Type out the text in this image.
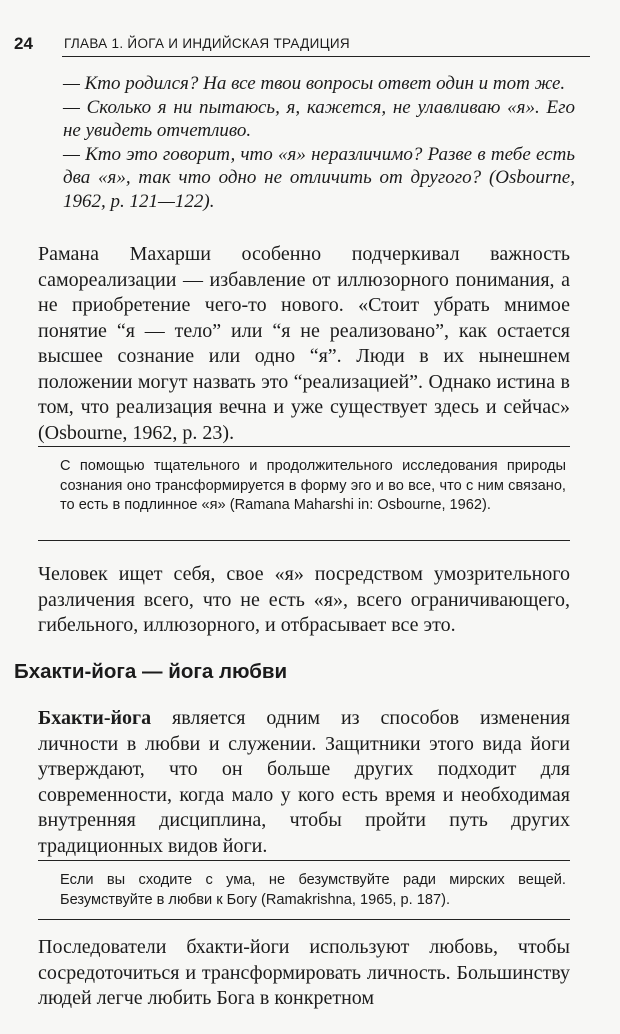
24 ГЛАВА 1. ЙОГА И ИНДИЙСКАЯ ТРАДИЦИЯ

— Кто родился? На все твои вопросы ответ один и тот же.

— Сколько я ни пытаюсь, я, кажется, не улавливаю «я». Его не увидеть отчетливо.

— Кто это говорит, что «я» неразличимо? Разве в тебе есть два «я», так что одно не отличить от другого? (Osbourne, 1962, p. 121—122).

Рамана Махарши особенно подчеркивал важность самореализации — избавление от иллюзорного понимания, а не приобретение чего-то нового. «Стоит убрать мнимое понятие “я — тело” или “я не реализовано”, как остается высшее сознание или одно “я”. Люди в их нынешнем положении могут назвать это “реализацией”. Однако истина в том, что реализация вечна и уже существует здесь и сейчас» (Osbourne, 1962, p. 23).

С помощью тщательного и продолжительного исследования природы сознания оно трансформируется в форму эго и во все, что с ним связано, то есть в подлинное «я» (Ramana Maharshi in: Osbourne, 1962).

Человек ищет себя, свое «я» посредством умозрительного различения всего, что не есть «я», всего ограничивающего, гибельного, иллюзорного, и отбрасывает все это.

Бхакти-йога — йога любви

Бхакти-йога является одним из способов изменения личности в любви и служении. Защитники этого вида йоги утверждают, что он больше других подходит для современности, когда мало у кого есть время и необходимая внутренняя дисциплина, чтобы пройти путь других традиционных видов йоги.

Если вы сходите с ума, не безумствуйте ради мирских вещей. Безумствуйте в любви к Богу (Ramakrishna, 1965, p. 187).

Последователи бхакти-йоги используют любовь, чтобы сосредоточиться и трансформировать личность. Большинству людей легче любить Бога в конкретном
